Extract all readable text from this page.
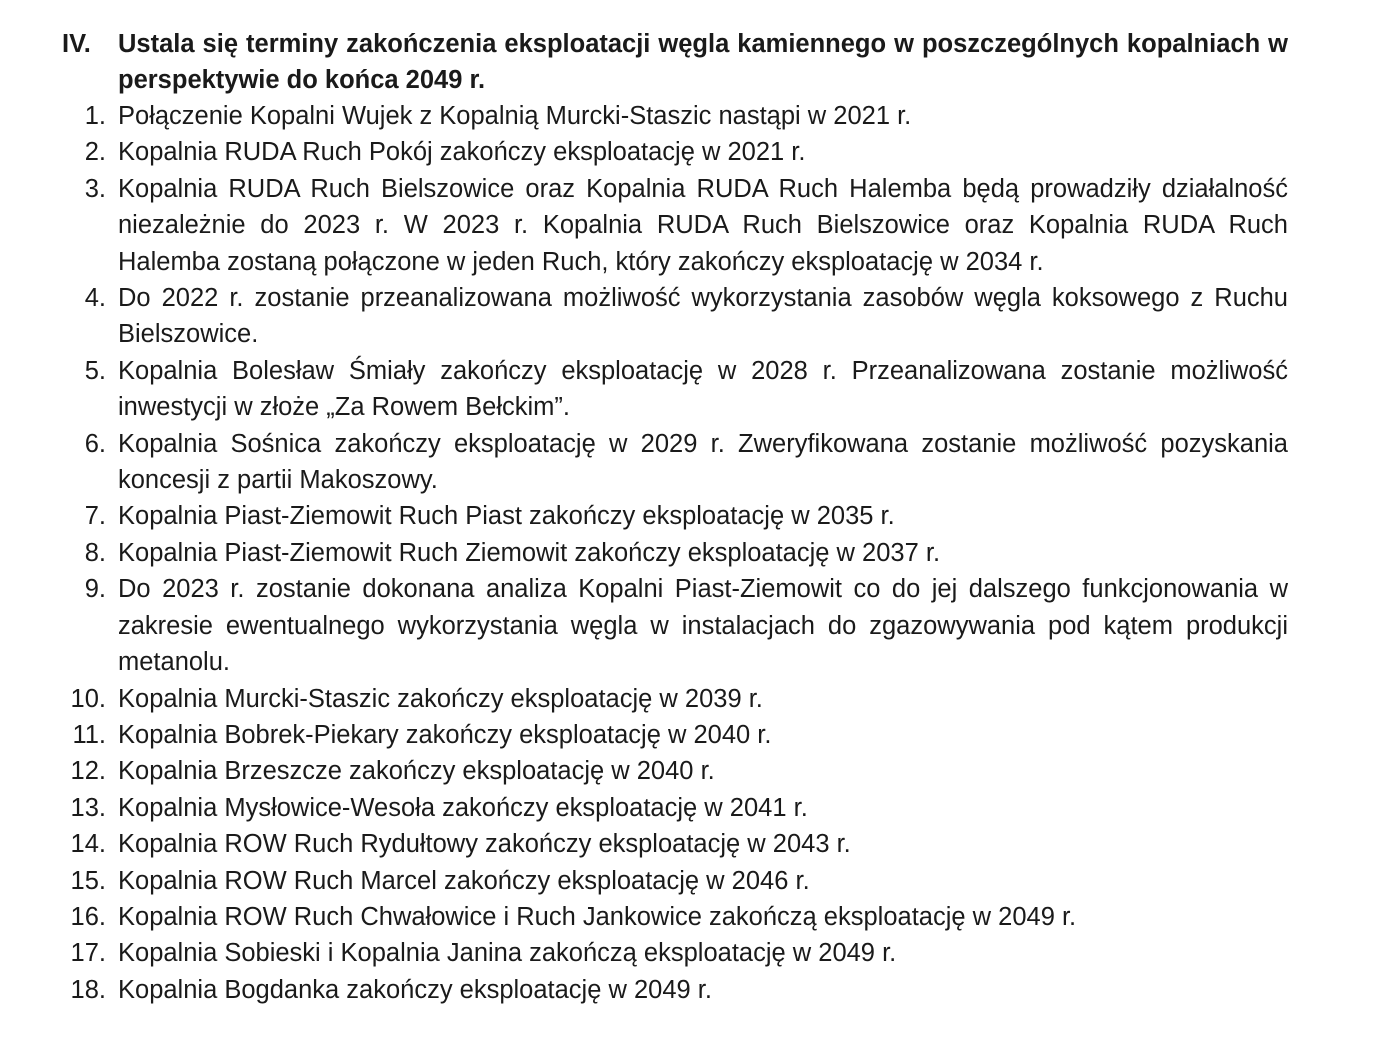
IV.	Ustala się terminy zakończenia eksploatacji węgla kamiennego w poszczególnych kopalniach w perspektywie do końca 2049 r.
1. Połączenie Kopalni Wujek z Kopalnią Murcki-Staszic nastąpi w 2021 r.
2. Kopalnia RUDA Ruch Pokój zakończy eksploatację w 2021 r.
3. Kopalnia RUDA Ruch Bielszowice oraz Kopalnia RUDA Ruch Halemba będą prowadziły działalność niezależnie do 2023 r. W 2023 r. Kopalnia RUDA Ruch Bielszowice oraz Kopalnia RUDA Ruch Halemba zostaną połączone w jeden Ruch, który zakończy eksploatację w 2034 r.
4. Do 2022 r. zostanie przeanalizowana możliwość wykorzystania zasobów węgla koksowego z Ruchu Bielszowice.
5. Kopalnia Bolesław Śmiały zakończy eksploatację w 2028 r. Przeanalizowana zostanie możliwość inwestycji w złoże „Za Rowem Bełckim”.
6. Kopalnia Sośnica zakończy eksploatację w 2029 r. Zweryfikowana zostanie możliwość pozyskania koncesji z partii Makoszowy.
7. Kopalnia Piast-Ziemowit Ruch Piast zakończy eksploatację w 2035 r.
8. Kopalnia Piast-Ziemowit Ruch Ziemowit zakończy eksploatację w 2037 r.
9. Do 2023 r. zostanie dokonana analiza Kopalni Piast-Ziemowit co do jej dalszego funkcjonowania w zakresie ewentualnego wykorzystania węgla w instalacjach do zgazowywania pod kątem produkcji metanolu.
10. Kopalnia Murcki-Staszic zakończy eksploatację w 2039 r.
11. Kopalnia Bobrek-Piekary zakończy eksploatację w 2040 r.
12. Kopalnia Brzeszcze zakończy eksploatację w 2040 r.
13. Kopalnia Mysłowice-Wesoła zakończy eksploatację w 2041 r.
14. Kopalnia ROW Ruch Rydułtowy zakończy eksploatację w 2043 r.
15. Kopalnia ROW Ruch Marcel zakończy eksploatację w 2046 r.
16. Kopalnia ROW Ruch Chwałowice i Ruch Jankowice zakończą eksploatację w 2049 r.
17. Kopalnia Sobieski i Kopalnia Janina zakończą eksploatację w 2049 r.
18. Kopalnia Bogdanka zakończy eksploatację w 2049 r.
